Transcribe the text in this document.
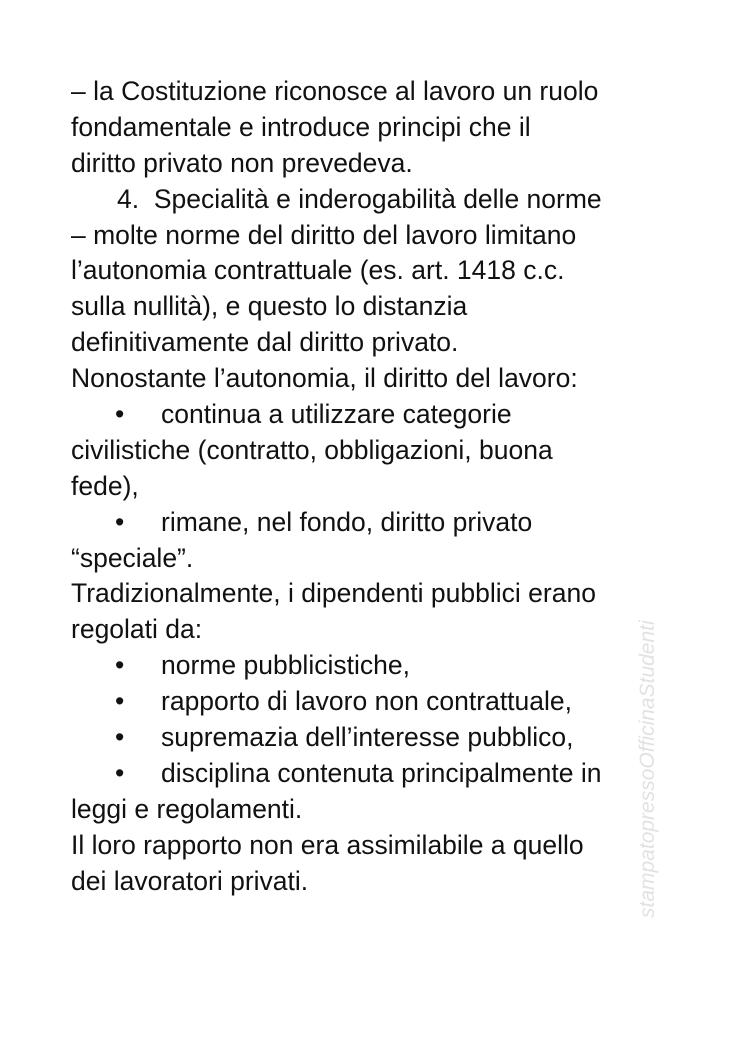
– la Costituzione riconosce al lavoro un ruolo
fondamentale e introduce principi che il
diritto privato non prevedeva.
4.  Specialità e inderogabilità delle norme
– molte norme del diritto del lavoro limitano
l’autonomia contrattuale (es. art. 1418 c.c.
sulla nullità), e questo lo distanzia
definitivamente dal diritto privato.
Nonostante l’autonomia, il diritto del lavoro:
• continua a utilizzare categorie
civilistiche (contratto, obbligazioni, buona
fede),
• rimane, nel fondo, diritto privato
“speciale”.
Tradizionalmente, i dipendenti pubblici erano
regolati da:
• norme pubblicistiche,
• rapporto di lavoro non contrattuale,
• supremazia dell’interesse pubblico,
• disciplina contenuta principalmente in
leggi e regolamenti.
Il loro rapporto non era assimilabile a quello
dei lavoratori privati.	stampatopressoOfficinaStudenti
